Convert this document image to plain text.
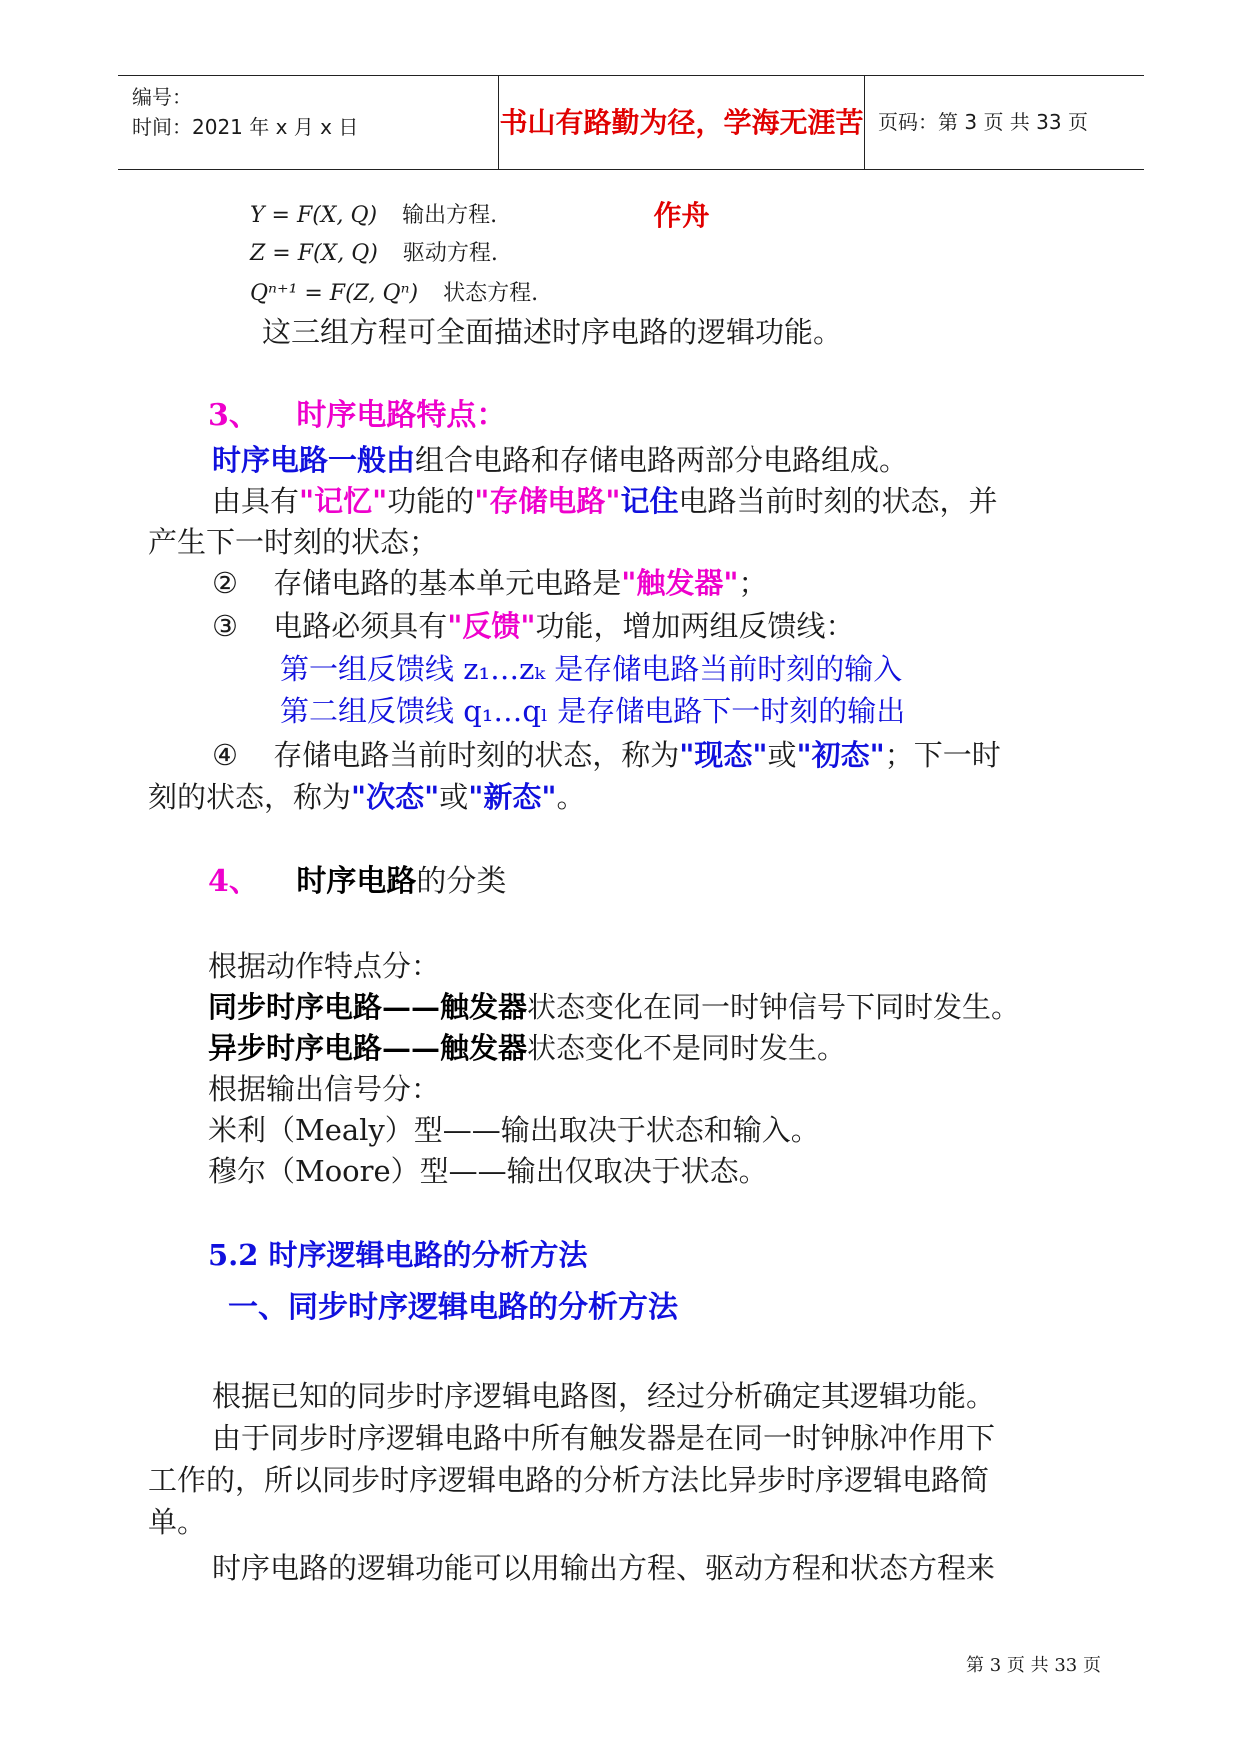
编号：
时间：2021 年 x 月 x 日	书山有路勤为径，学海无涯苦作舟
页码：第 3 页 共 33 页
Y = F(X, Q) 输出方程.
Z = F(X, Q) 驱动方程.
Qⁿ⁺¹ = F(Z, Qⁿ) 状态方程.
这三组方程可全面描述时序电路的逻辑功能。
3、 时序电路特点：
时序电路一般由组合电路和存储电路两部分电路组成。
由具有"记忆"功能的"存储电路"记住电路当前时刻的状态，并
产生下一时刻的状态；
② 存储电路的基本单元电路是"触发器"；
③ 电路必须具有"反馈"功能，增加两组反馈线：
第一组反馈线 z₁…zₖ 是存储电路当前时刻的输入
第二组反馈线 q₁…qₗ 是存储电路下一时刻的输出
④ 存储电路当前时刻的状态，称为"现态"或"初态"；下一时
刻的状态，称为"次态"或"新态"。
4、 时序电路的分类
根据动作特点分：
同步时序电路——触发器状态变化在同一时钟信号下同时发生。
异步时序电路——触发器状态变化不是同时发生。
根据输出信号分：
米利（Mealy）型——输出取决于状态和输入。
穆尔（Moore）型——输出仅取决于状态。
5.2 时序逻辑电路的分析方法
一、同步时序逻辑电路的分析方法
根据已知的同步时序逻辑电路图，经过分析确定其逻辑功能。
由于同步时序逻辑电路中所有触发器是在同一时钟脉冲作用下
工作的，所以同步时序逻辑电路的分析方法比异步时序逻辑电路简
单。
时序电路的逻辑功能可以用输出方程、驱动方程和状态方程来
第 3 页 共 33 页
